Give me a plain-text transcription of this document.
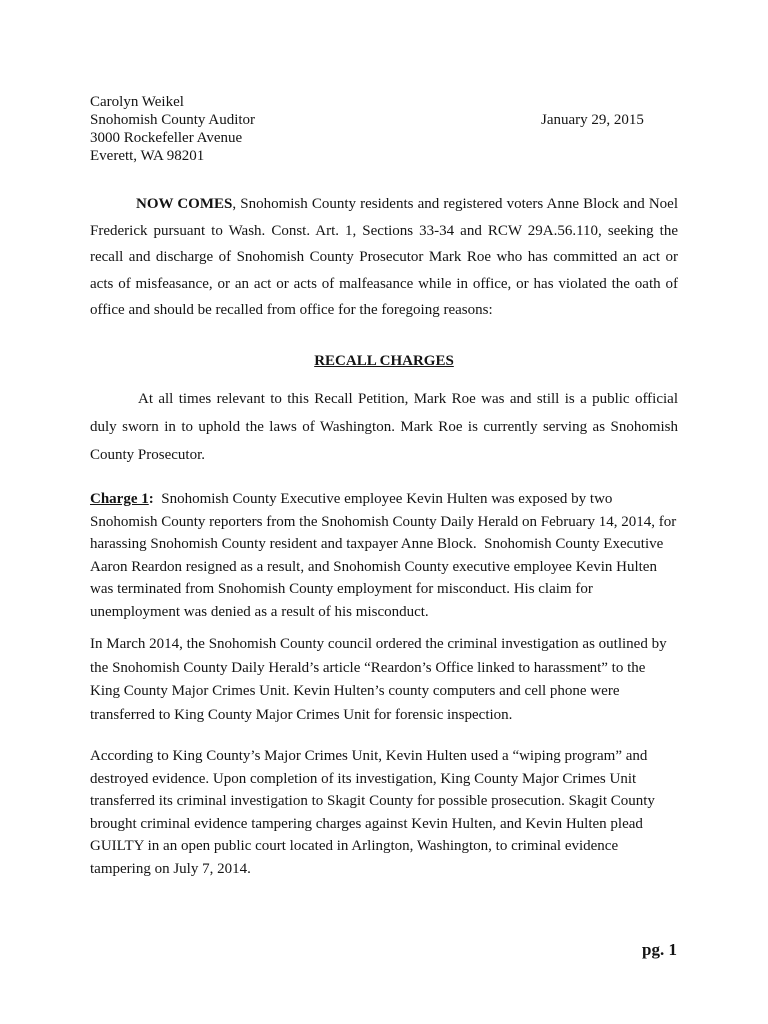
Carolyn Weikel
Snohomish County Auditor
3000 Rockefeller Avenue
Everett, WA 98201
January 29, 2015

NOW COMES, Snohomish County residents and registered voters Anne Block and Noel Frederick pursuant to Wash. Const. Art. 1, Sections 33-34 and RCW 29A.56.110, seeking the recall and discharge of Snohomish County Prosecutor Mark Roe who has committed an act or acts of misfeasance, or an act or acts of malfeasance while in office, or has violated the oath of office and should be recalled from office for the foregoing reasons:

RECALL CHARGES

At all times relevant to this Recall Petition, Mark Roe was and still is a public official duly sworn in to uphold the laws of Washington. Mark Roe is currently serving as Snohomish County Prosecutor.

Charge 1:  Snohomish County Executive employee Kevin Hulten was exposed by two Snohomish County reporters from the Snohomish County Daily Herald on February 14, 2014, for harassing Snohomish County resident and taxpayer Anne Block.  Snohomish County Executive Aaron Reardon resigned as a result, and Snohomish County executive employee Kevin Hulten was terminated from Snohomish County employment for misconduct. His claim for unemployment was denied as a result of his misconduct.

In March 2014, the Snohomish County council ordered the criminal investigation as outlined by the Snohomish County Daily Herald’s article “Reardon’s Office linked to harassment” to the King County Major Crimes Unit. Kevin Hulten’s county computers and cell phone were transferred to King County Major Crimes Unit for forensic inspection.

According to King County’s Major Crimes Unit, Kevin Hulten used a “wiping program” and destroyed evidence. Upon completion of its investigation, King County Major Crimes Unit transferred its criminal investigation to Skagit County for possible prosecution. Skagit County brought criminal evidence tampering charges against Kevin Hulten, and Kevin Hulten plead GUILTY in an open public court located in Arlington, Washington, to criminal evidence tampering on July 7, 2014.

pg. 1
